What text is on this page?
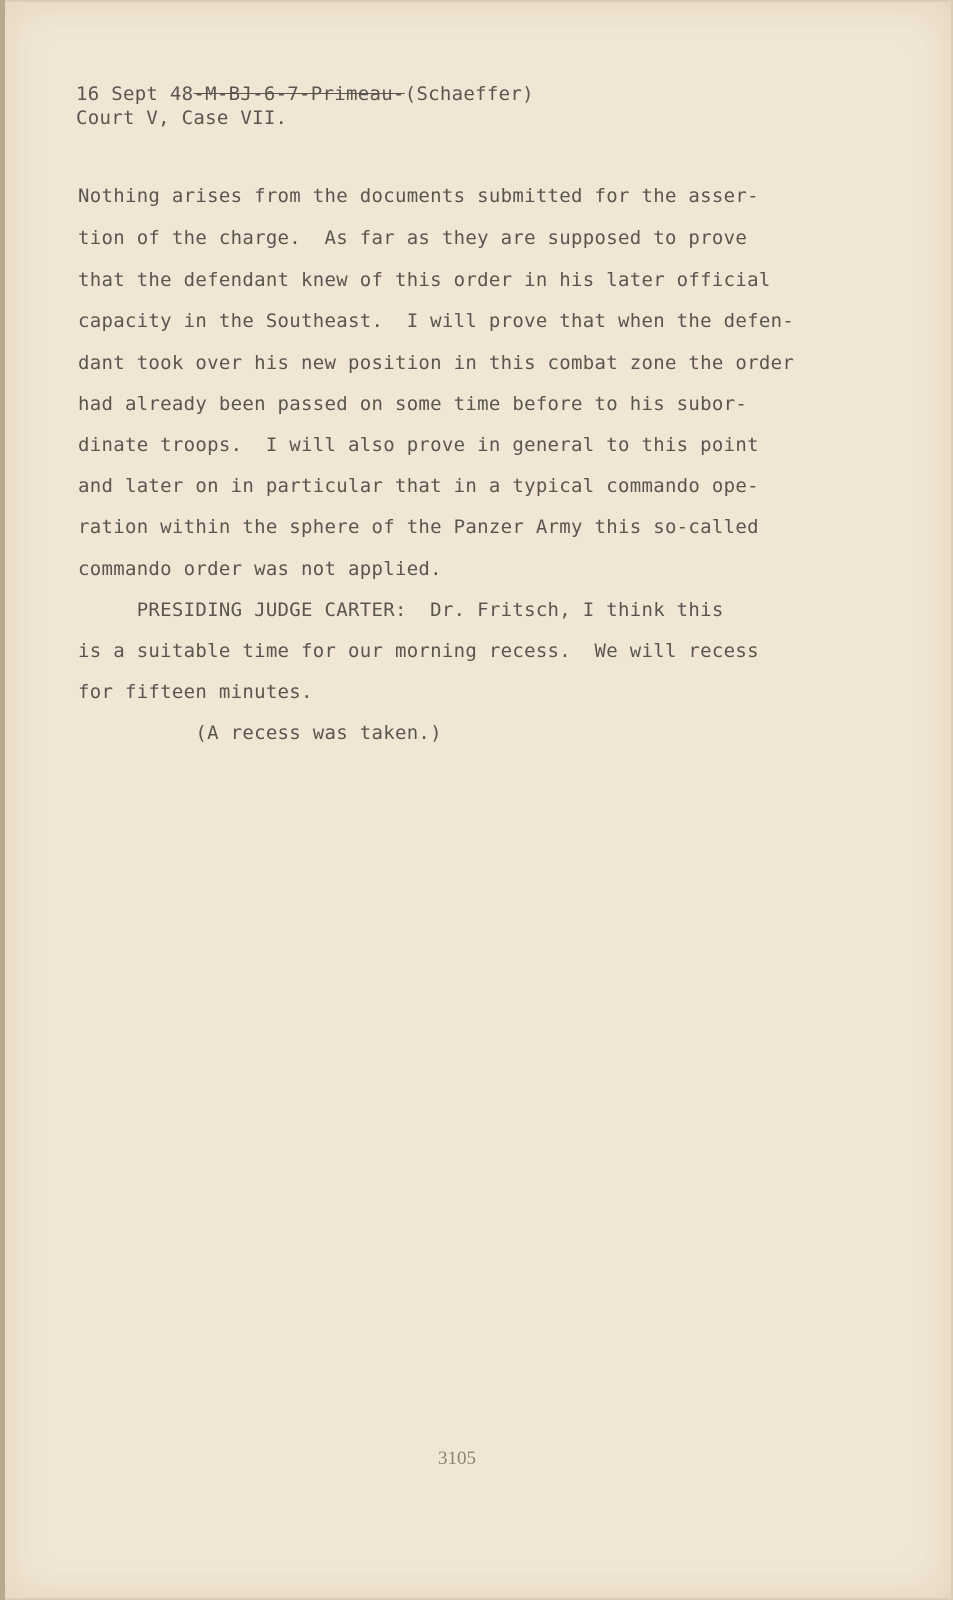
16 Sept 48-M-BJ-6-7-Primeau-(Schaeffer)
Court V, Case VII.
Nothing arises from the documents submitted for the asser-
tion of the charge.  As far as they are supposed to prove
that the defendant knew of this order in his later official
capacity in the Southeast.  I will prove that when the defen-
dant took over his new position in this combat zone the order
had already been passed on some time before to his subor-
dinate troops.  I will also prove in general to this point
and later on in particular that in a typical commando ope-
ration within the sphere of the Panzer Army this so-called
commando order was not applied.
PRESIDING JUDGE CARTER:  Dr. Fritsch, I think this
is a suitable time for our morning recess.  We will recess
for fifteen minutes.
(A recess was taken.)
3105
